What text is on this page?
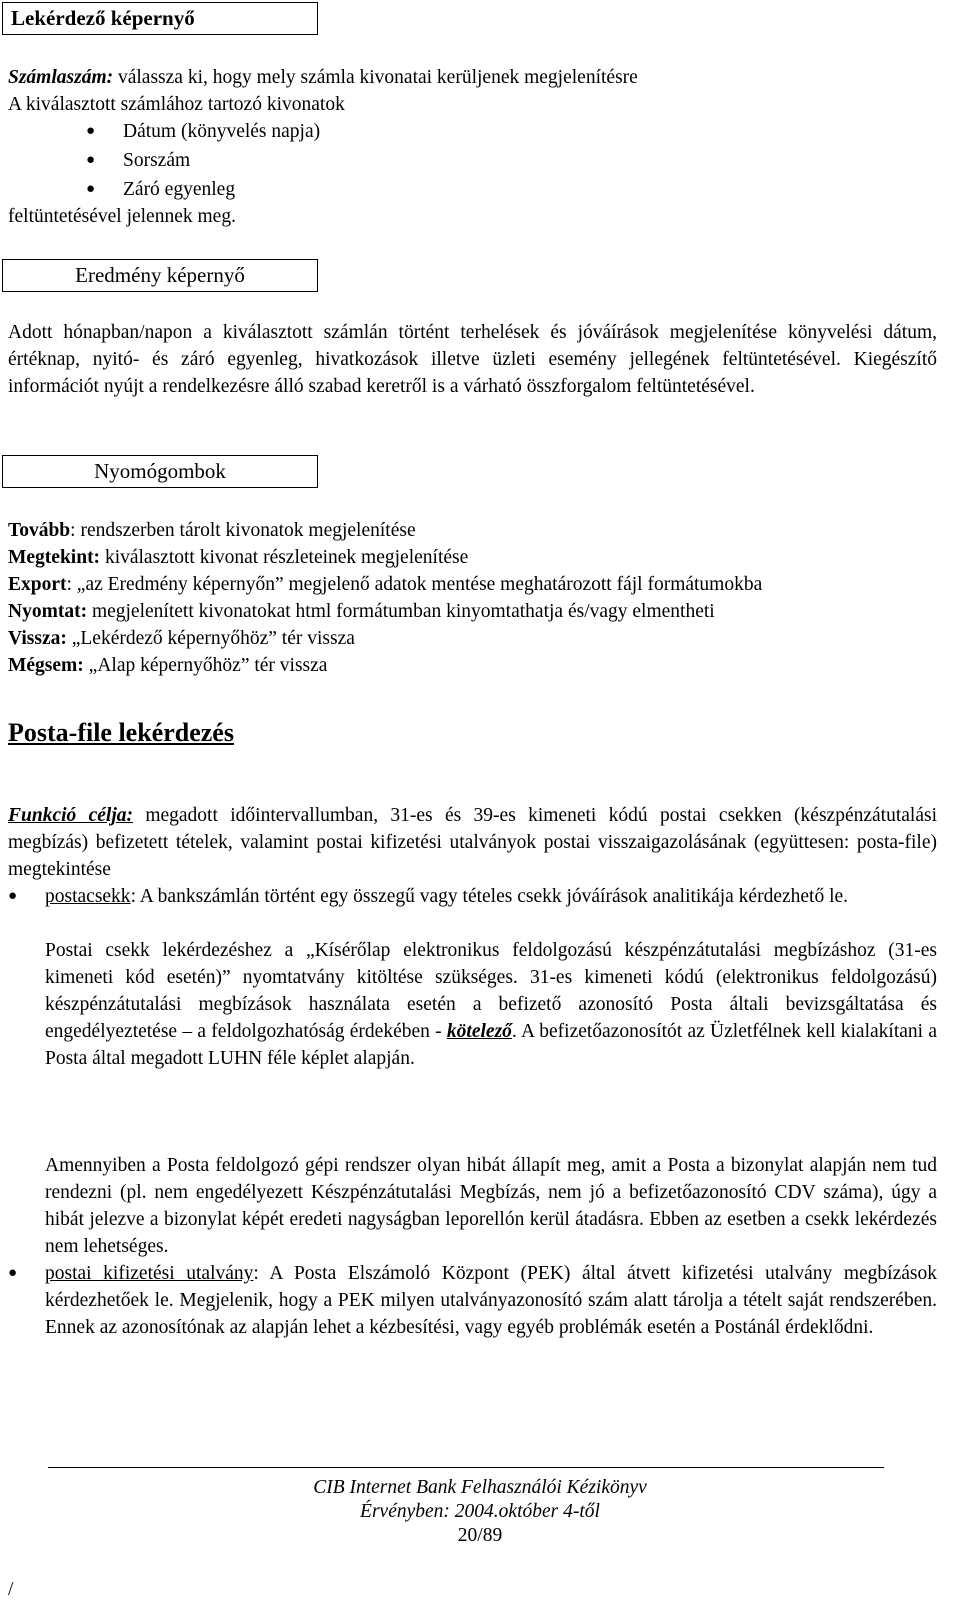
Lekérdező képernyő
Számlaszám: válassza ki, hogy mely számla kivonatai kerüljenek megjelenítésre
A kiválasztott számlához tartozó kivonatok
● Dátum (könyvelés napja)
● Sorszám
● Záró egyenleg
feltüntetésével jelennek meg.
Eredmény képernyő
Adott hónapban/napon a kiválasztott számlán történt terhelések és jóváírások megjelenítése könyvelési dátum, értéknap, nyitó- és záró egyenleg, hivatkozások illetve üzleti esemény jellegének feltüntetésével. Kiegészítő információt nyújt a rendelkezésre álló szabad keretről is a várható összforgalom feltüntetésével.
Nyomógombok
Tovább: rendszerben tárolt kivonatok megjelenítése
Megtekint: kiválasztott kivonat részleteinek megjelenítése
Export: „az Eredmény képernyőn” megjelenő adatok mentése meghatározott fájl formátumokba
Nyomtat: megjelenített kivonatokat html formátumban kinyomtathatja és/vagy elmentheti
Vissza: „Lekérdező képernyőhöz” tér vissza
Mégsem: „Alap képernyőhöz” tér vissza
Posta-file lekérdezés
Funkció célja: megadott időintervallumban, 31-es és 39-es kimeneti kódú postai csekken (készpénzátutalási megbízás) befizetett tételek, valamint postai kifizetési utalványok postai visszaigazolásának (együttesen: posta-file) megtekintése
● postacsekk: A bankszámlán történt egy összegű vagy tételes csekk jóváírások analitikája kérdezhető le.
Postai csekk lekérdezéshez a „Kísérőlap elektronikus feldolgozású készpénzátutalási megbízáshoz (31-es kimeneti kód esetén)” nyomtatvány kitöltése szükséges. 31-es kimeneti kódú (elektronikus feldolgozású) készpénzátutalási megbízások használata esetén a befizető azonosító Posta általi bevizsgáltatása és engedélyeztetése – a feldolgozhatóság érdekében - kötelező. A befizetőazonosítót az Üzletfélnek kell kialakítani a Posta által megadott LUHN féle képlet alapján.
Amennyiben a Posta feldolgozó gépi rendszer olyan hibát állapít meg, amit a Posta a bizonylat alapján nem tud rendezni (pl. nem engedélyezett Készpénzátutalási Megbízás, nem jó a befizetőazonosító CDV száma), úgy a hibát jelezve a bizonylat képét eredeti nagyságban leporellón kerül átadásra. Ebben az esetben a csekk lekérdezés nem lehetséges.
● postai kifizetési utalvány: A Posta Elszámoló Központ (PEK) által átvett kifizetési utalvány megbízások kérdezhetőek le. Megjelenik, hogy a PEK milyen utalványazonosító szám alatt tárolja a tételt saját rendszerében. Ennek az azonosítónak az alapján lehet a kézbesítési, vagy egyéb problémák esetén a Postánál érdeklődni.
CIB Internet Bank Felhasználói Kézikönyv
Érvényben: 2004.október 4-től
20/89
/
